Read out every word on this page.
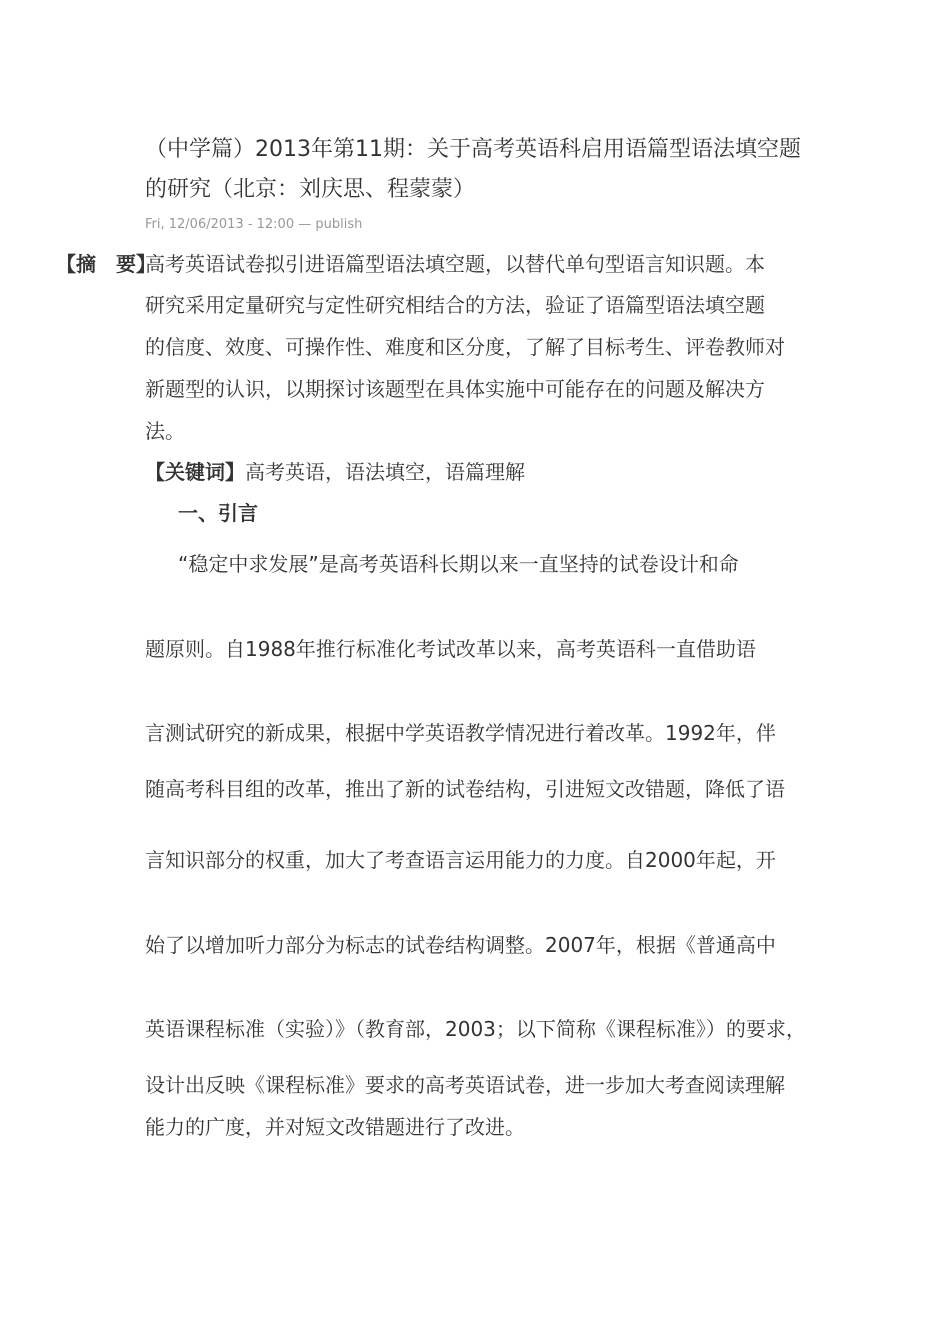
（中学篇）2013年第11期：关于高考英语科启用语篇型语法填空题的研究（北京：刘庆思、程蒙蒙）
Fri, 12/06/2013 - 12:00 — publish
【摘　要】
高考英语试卷拟引进语篇型语法填空题，以替代单句型语言知识题。本
研究采用定量研究与定性研究相结合的方法，验证了语篇型语法填空题
的信度、效度、可操作性、难度和区分度，了解了目标考生、评卷教师对
新题型的认识，以期探讨该题型在具体实施中可能存在的问题及解决方
法。
【关键词】高考英语，语法填空，语篇理解
一、引言
“稳定中求发展”是高考英语科长期以来一直坚持的试卷设计和命
题原则。自1988年推行标准化考试改革以来，高考英语科一直借助语
言测试研究的新成果，根据中学英语教学情况进行着改革。1992年，伴
随高考科目组的改革，推出了新的试卷结构，引进短文改错题，降低了语
言知识部分的权重，加大了考查语言运用能力的力度。自2000年起，开
始了以增加听力部分为标志的试卷结构调整。2007年，根据《普通高中
英语课程标准（实验）》（教育部，2003；以下简称《课程标准》）的要求，
设计出反映《课程标准》要求的高考英语试卷，进一步加大考查阅读理解
能力的广度，并对短文改错题进行了改进。
